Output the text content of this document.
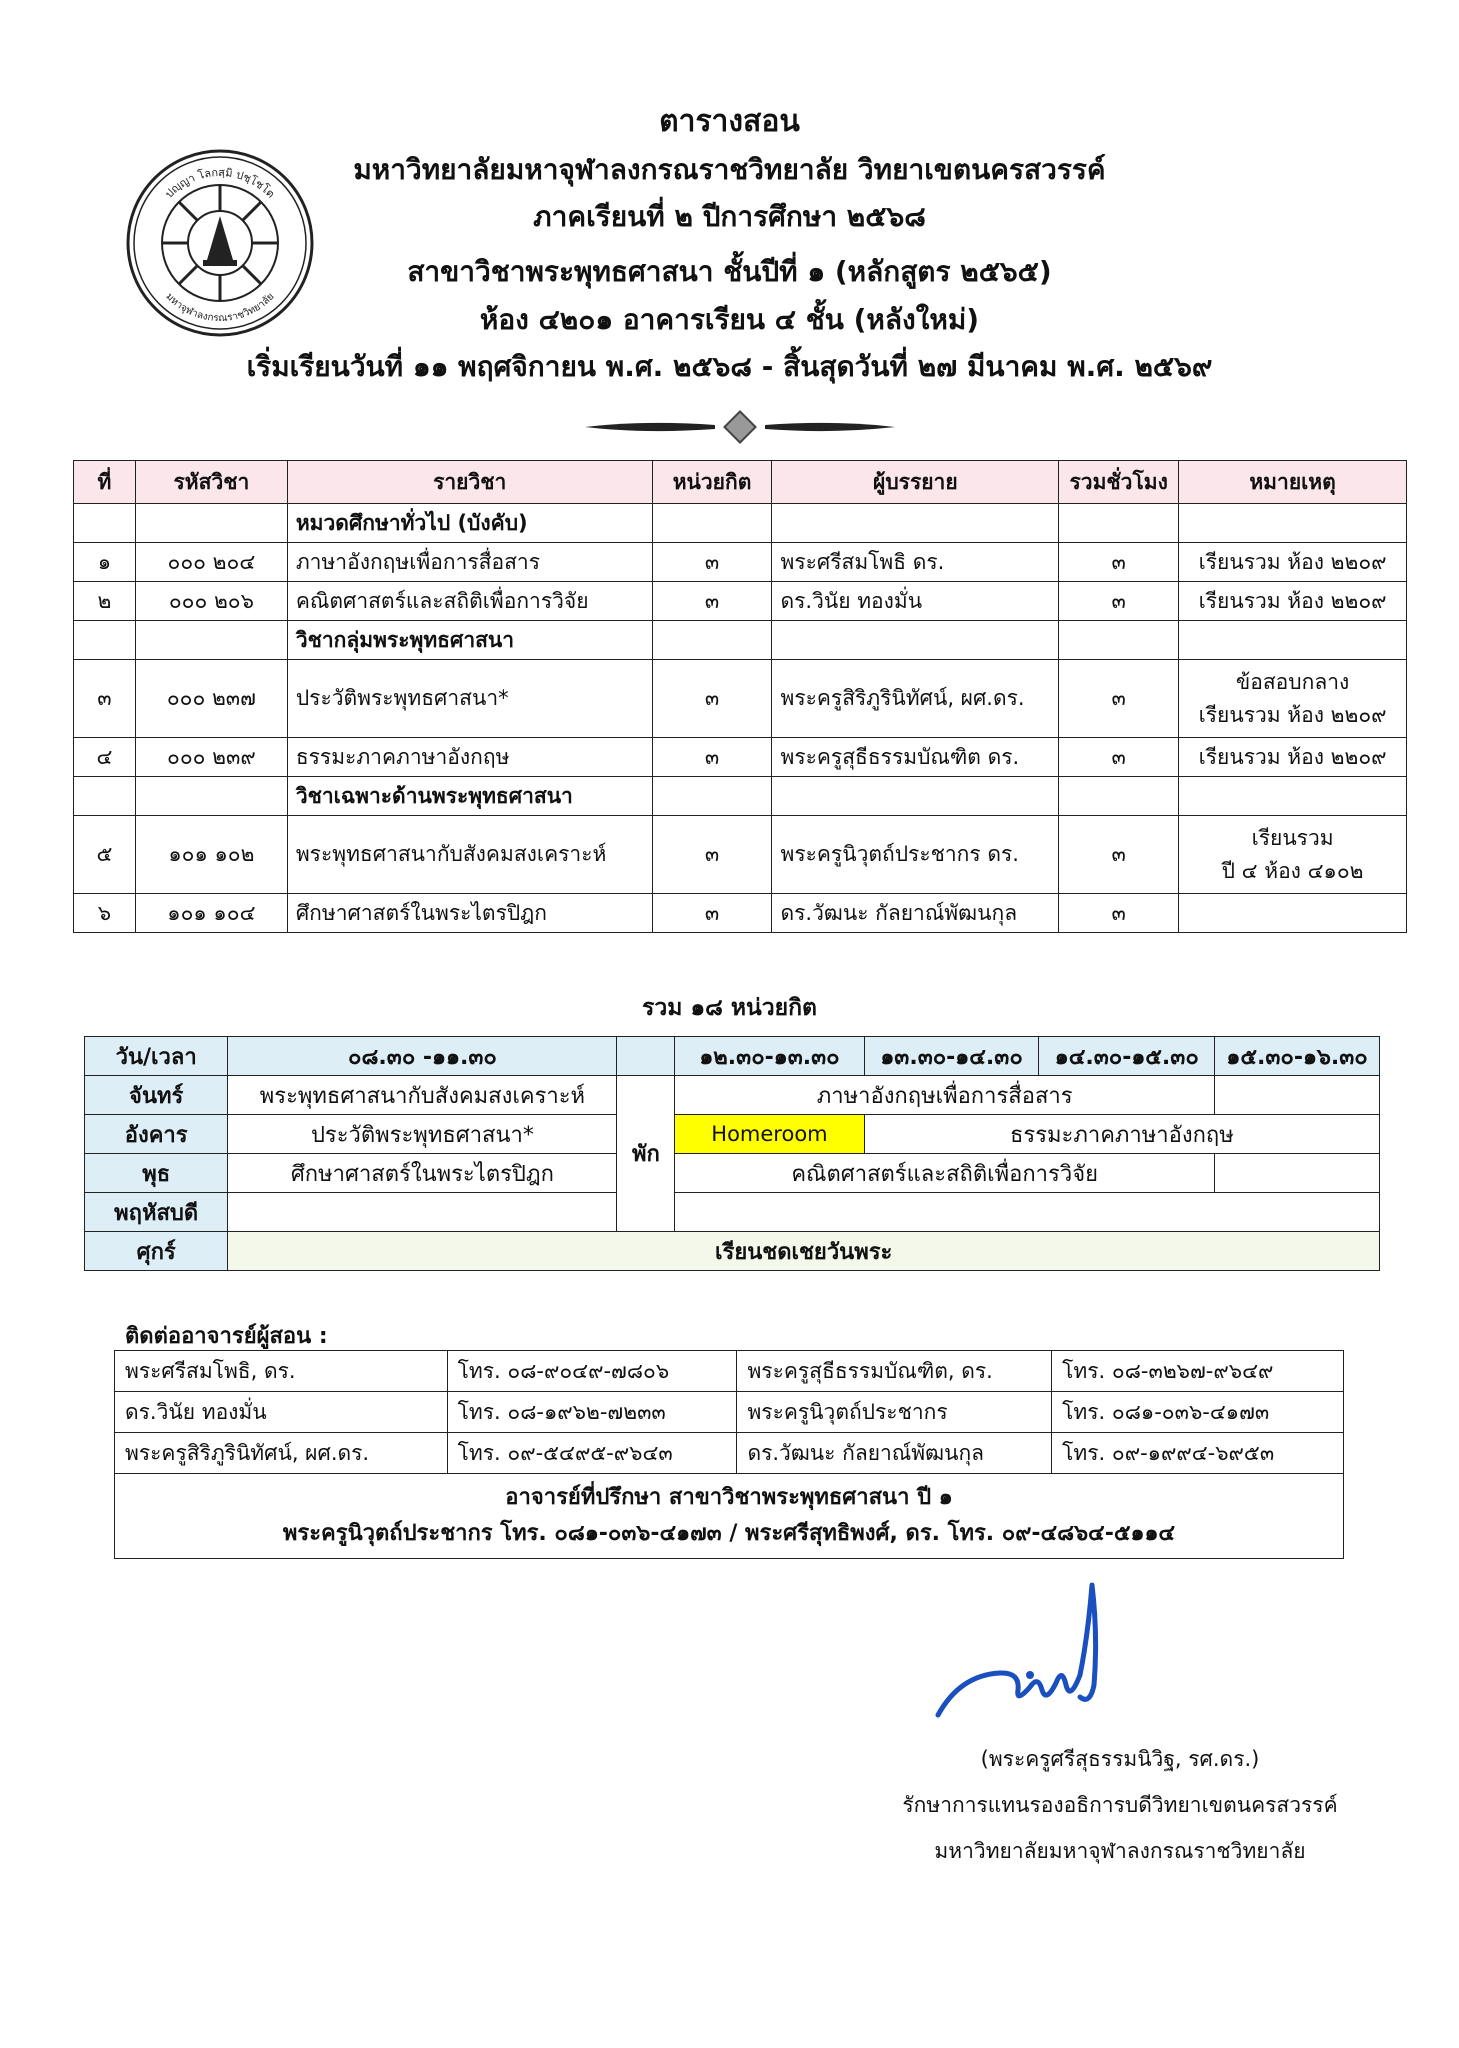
ตารางสอน
มหาวิทยาลัยมหาจุฬาลงกรณราชวิทยาลัย วิทยาเขตนครสวรรค์
ภาคเรียนที่ ๒ ปีการศึกษา ๒๕๖๘
สาขาวิชาพระพุทธศาสนา ชั้นปีที่ ๑ (หลักสูตร ๒๕๖๕)
ห้อง ๔๒๐๑ อาคารเรียน ๔ ชั้น (หลังใหม่)
เริ่มเรียนวันที่ ๑๑ พฤศจิกายน พ.ศ. ๒๕๖๘ - สิ้นสุดวันที่ ๒๗ มีนาคม พ.ศ. ๒๕๖๙
ปญฺญา โลกสฺมิ ปชฺโชโต
มหาจุฬาลงกรณราชวิทยาลัย
ที่	รหัสวิชา	รายวิชา	หน่วยกิต	ผู้บรรยาย	รวมชั่วโมง	หมายเหตุ
		หมวดศึกษาทั่วไป (บังคับ)				
๑	๐๐๐ ๒๐๔	ภาษาอังกฤษเพื่อการสื่อสาร	๓	พระศรีสมโพธิ ดร.	๓	เรียนรวม ห้อง ๒๒๐๙
๒	๐๐๐ ๒๐๖	คณิตศาสตร์และสถิติเพื่อการวิจัย	๓	ดร.วินัย ทองมั่น	๓	เรียนรวม ห้อง ๒๒๐๙
		วิชากลุ่มพระพุทธศาสนา				
๓	๐๐๐ ๒๓๗	ประวัติพระพุทธศาสนา*	๓	พระครูสิริภูรินิทัศน์, ผศ.ดร.	๓	ข้อสอบกลาง
เรียนรวม ห้อง ๒๒๐๙

๔	๐๐๐ ๒๓๙	ธรรมะภาคภาษาอังกฤษ	๓	พระครูสุธีธรรมบัณฑิต ดร.	๓	เรียนรวม ห้อง ๒๒๐๙
		วิชาเฉพาะด้านพระพุทธศาสนา				
๕	๑๐๑ ๑๐๒	พระพุทธศาสนากับสังคมสงเคราะห์	๓	พระครูนิวุตถ์ประชากร ดร.	๓	เรียนรวม
ปี ๔ ห้อง ๔๑๐๒

๖	๑๐๑ ๑๐๔	ศึกษาศาสตร์ในพระไตรปิฎก	๓	ดร.วัฒนะ กัลยาณ์พัฒนกุล	๓	
รวม ๑๘ หน่วยกิต
วัน/เวลา	๐๘.๓๐ -๑๑.๓๐		๑๒.๓๐-๑๓.๓๐	๑๓.๓๐-๑๔.๓๐	๑๔.๓๐-๑๕.๓๐	๑๕.๓๐-๑๖.๓๐
จันทร์	พระพุทธศาสนากับสังคมสงเคราะห์	พัก	ภาษาอังกฤษเพื่อการสื่อสาร			
อังคาร	ประวัติพระพุทธศาสนา*		Homeroom	ธรรมะภาคภาษาอังกฤษ		
พุธ	ศึกษาศาสตร์ในพระไตรปิฎก		คณิตศาสตร์และสถิติเพื่อการวิจัย			
พฤหัสบดี						
ศุกร์	เรียนชดเชยวันพระ					
ติดต่ออาจารย์ผู้สอน :
พระศรีสมโพธิ, ดร.	โทร. ๐๘-๙๐๔๙-๗๘๐๖	พระครูสุธีธรรมบัณฑิต, ดร.	โทร. ๐๘-๓๒๖๗-๙๖๔๙
ดร.วินัย ทองมั่น	โทร. ๐๘-๑๙๖๒-๗๒๓๓	พระครูนิวุตถ์ประชากร	โทร. ๐๘๑-๐๓๖-๔๑๗๓
พระครูสิริภูรินิทัศน์, ผศ.ดร.	โทร. ๐๙-๕๔๙๕-๙๖๔๓	ดร.วัฒนะ กัลยาณ์พัฒนกุล	โทร. ๐๙-๑๙๙๔-๖๙๕๓

อาจารย์ที่ปรึกษา สาขาวิชาพระพุทธศาสนา ปี ๑
พระครูนิวุตถ์ประชากร โทร. ๐๘๑-๐๓๖-๔๑๗๓ / พระศรีสุทธิพงศ์, ดร. โทร. ๐๙-๔๘๖๔-๕๑๑๔			
(พระครูศรีสุธรรมนิวิฐ, รศ.ดร.)
รักษาการแทนรองอธิการบดีวิทยาเขตนครสวรรค์
มหาวิทยาลัยมหาจุฬาลงกรณราชวิทยาลัย
